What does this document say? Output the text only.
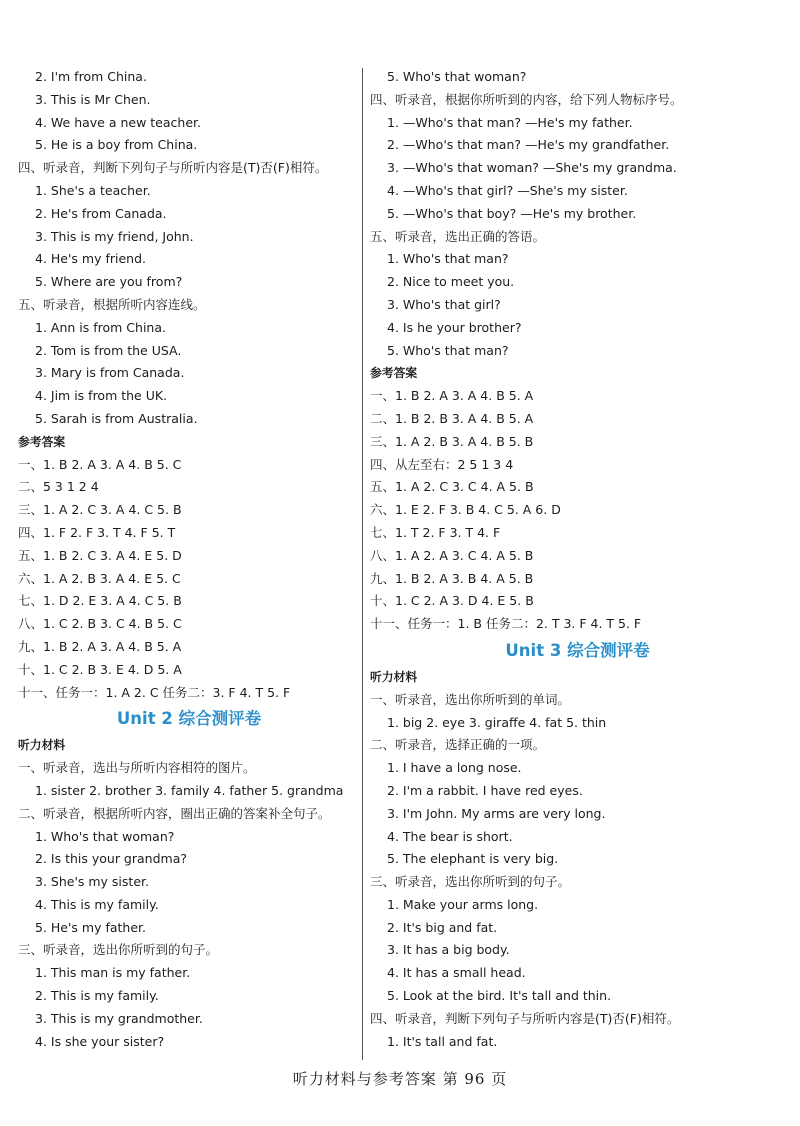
2. I'm from China.
3. This is Mr Chen.
4. We have a new teacher.
5. He is a boy from China.
四、听录音，判断下列句子与所听内容是(T)否(F)相符。
1. She's a teacher.
2. He's from Canada.
3. This is my friend, John.
4. He's my friend.
5. Where are you from?
五、听录音，根据所听内容连线。
1. Ann is from China.
2. Tom is from the USA.
3. Mary is from Canada.
4. Jim is from the UK.
5. Sarah is from Australia.
参考答案
一、1. B 2. A 3. A 4. B 5. C
二、5 3 1 2 4
三、1. A 2. C 3. A 4. C 5. B
四、1. F 2. F 3. T 4. F 5. T
五、1. B 2. C 3. A 4. E 5. D
六、1. A 2. B 3. A 4. E 5. C
七、1. D 2. E 3. A 4. C 5. B
八、1. C 2. B 3. C 4. B 5. C
九、1. B 2. A 3. A 4. B 5. A
十、1. C 2. B 3. E 4. D 5. A
十一、任务一：1. A 2. C 任务二：3. F 4. T 5. F
Unit 2 综合测评卷
听力材料
一、听录音，选出与所听内容相符的图片。
1. sister 2. brother 3. family 4. father 5. grandma
二、听录音，根据所听内容，圈出正确的答案补全句子。
1. Who's that woman?
2. Is this your grandma?
3. She's my sister.
4. This is my family.
5. He's my father.
三、听录音，选出你所听到的句子。
1. This man is my father.
2. This is my family.
3. This is my grandmother.
4. Is she your sister?
5. Who's that woman?
四、听录音，根据你所听到的内容，给下列人物标序号。
1. —Who's that man? —He's my father.
2. —Who's that man? —He's my grandfather.
3. —Who's that woman? —She's my grandma.
4. —Who's that girl? —She's my sister.
5. —Who's that boy? —He's my brother.
五、听录音，选出正确的答语。
1. Who's that man?
2. Nice to meet you.
3. Who's that girl?
4. Is he your brother?
5. Who's that man?
参考答案
一、1. B 2. A 3. A 4. B 5. A
二、1. B 2. B 3. A 4. B 5. A
三、1. A 2. B 3. A 4. B 5. B
四、从左至右：2 5 1 3 4
五、1. A 2. C 3. C 4. A 5. B
六、1. E 2. F 3. B 4. C 5. A 6. D
七、1. T 2. F 3. T 4. F
八、1. A 2. A 3. C 4. A 5. B
九、1. B 2. A 3. B 4. A 5. B
十、1. C 2. A 3. D 4. E 5. B
十一、任务一：1. B 任务二：2. T 3. F 4. T 5. F
Unit 3 综合测评卷
听力材料
一、听录音，选出你所听到的单词。
1. big 2. eye 3. giraffe 4. fat 5. thin
二、听录音，选择正确的一项。
1. I have a long nose.
2. I'm a rabbit. I have red eyes.
3. I'm John. My arms are very long.
4. The bear is short.
5. The elephant is very big.
三、听录音，选出你所听到的句子。
1. Make your arms long.
2. It's big and fat.
3. It has a big body.
4. It has a small head.
5. Look at the bird. It's tall and thin.
四、听录音，判断下列句子与所听内容是(T)否(F)相符。
1. It's tall and fat.
听力材料与参考答案 第 96 页
